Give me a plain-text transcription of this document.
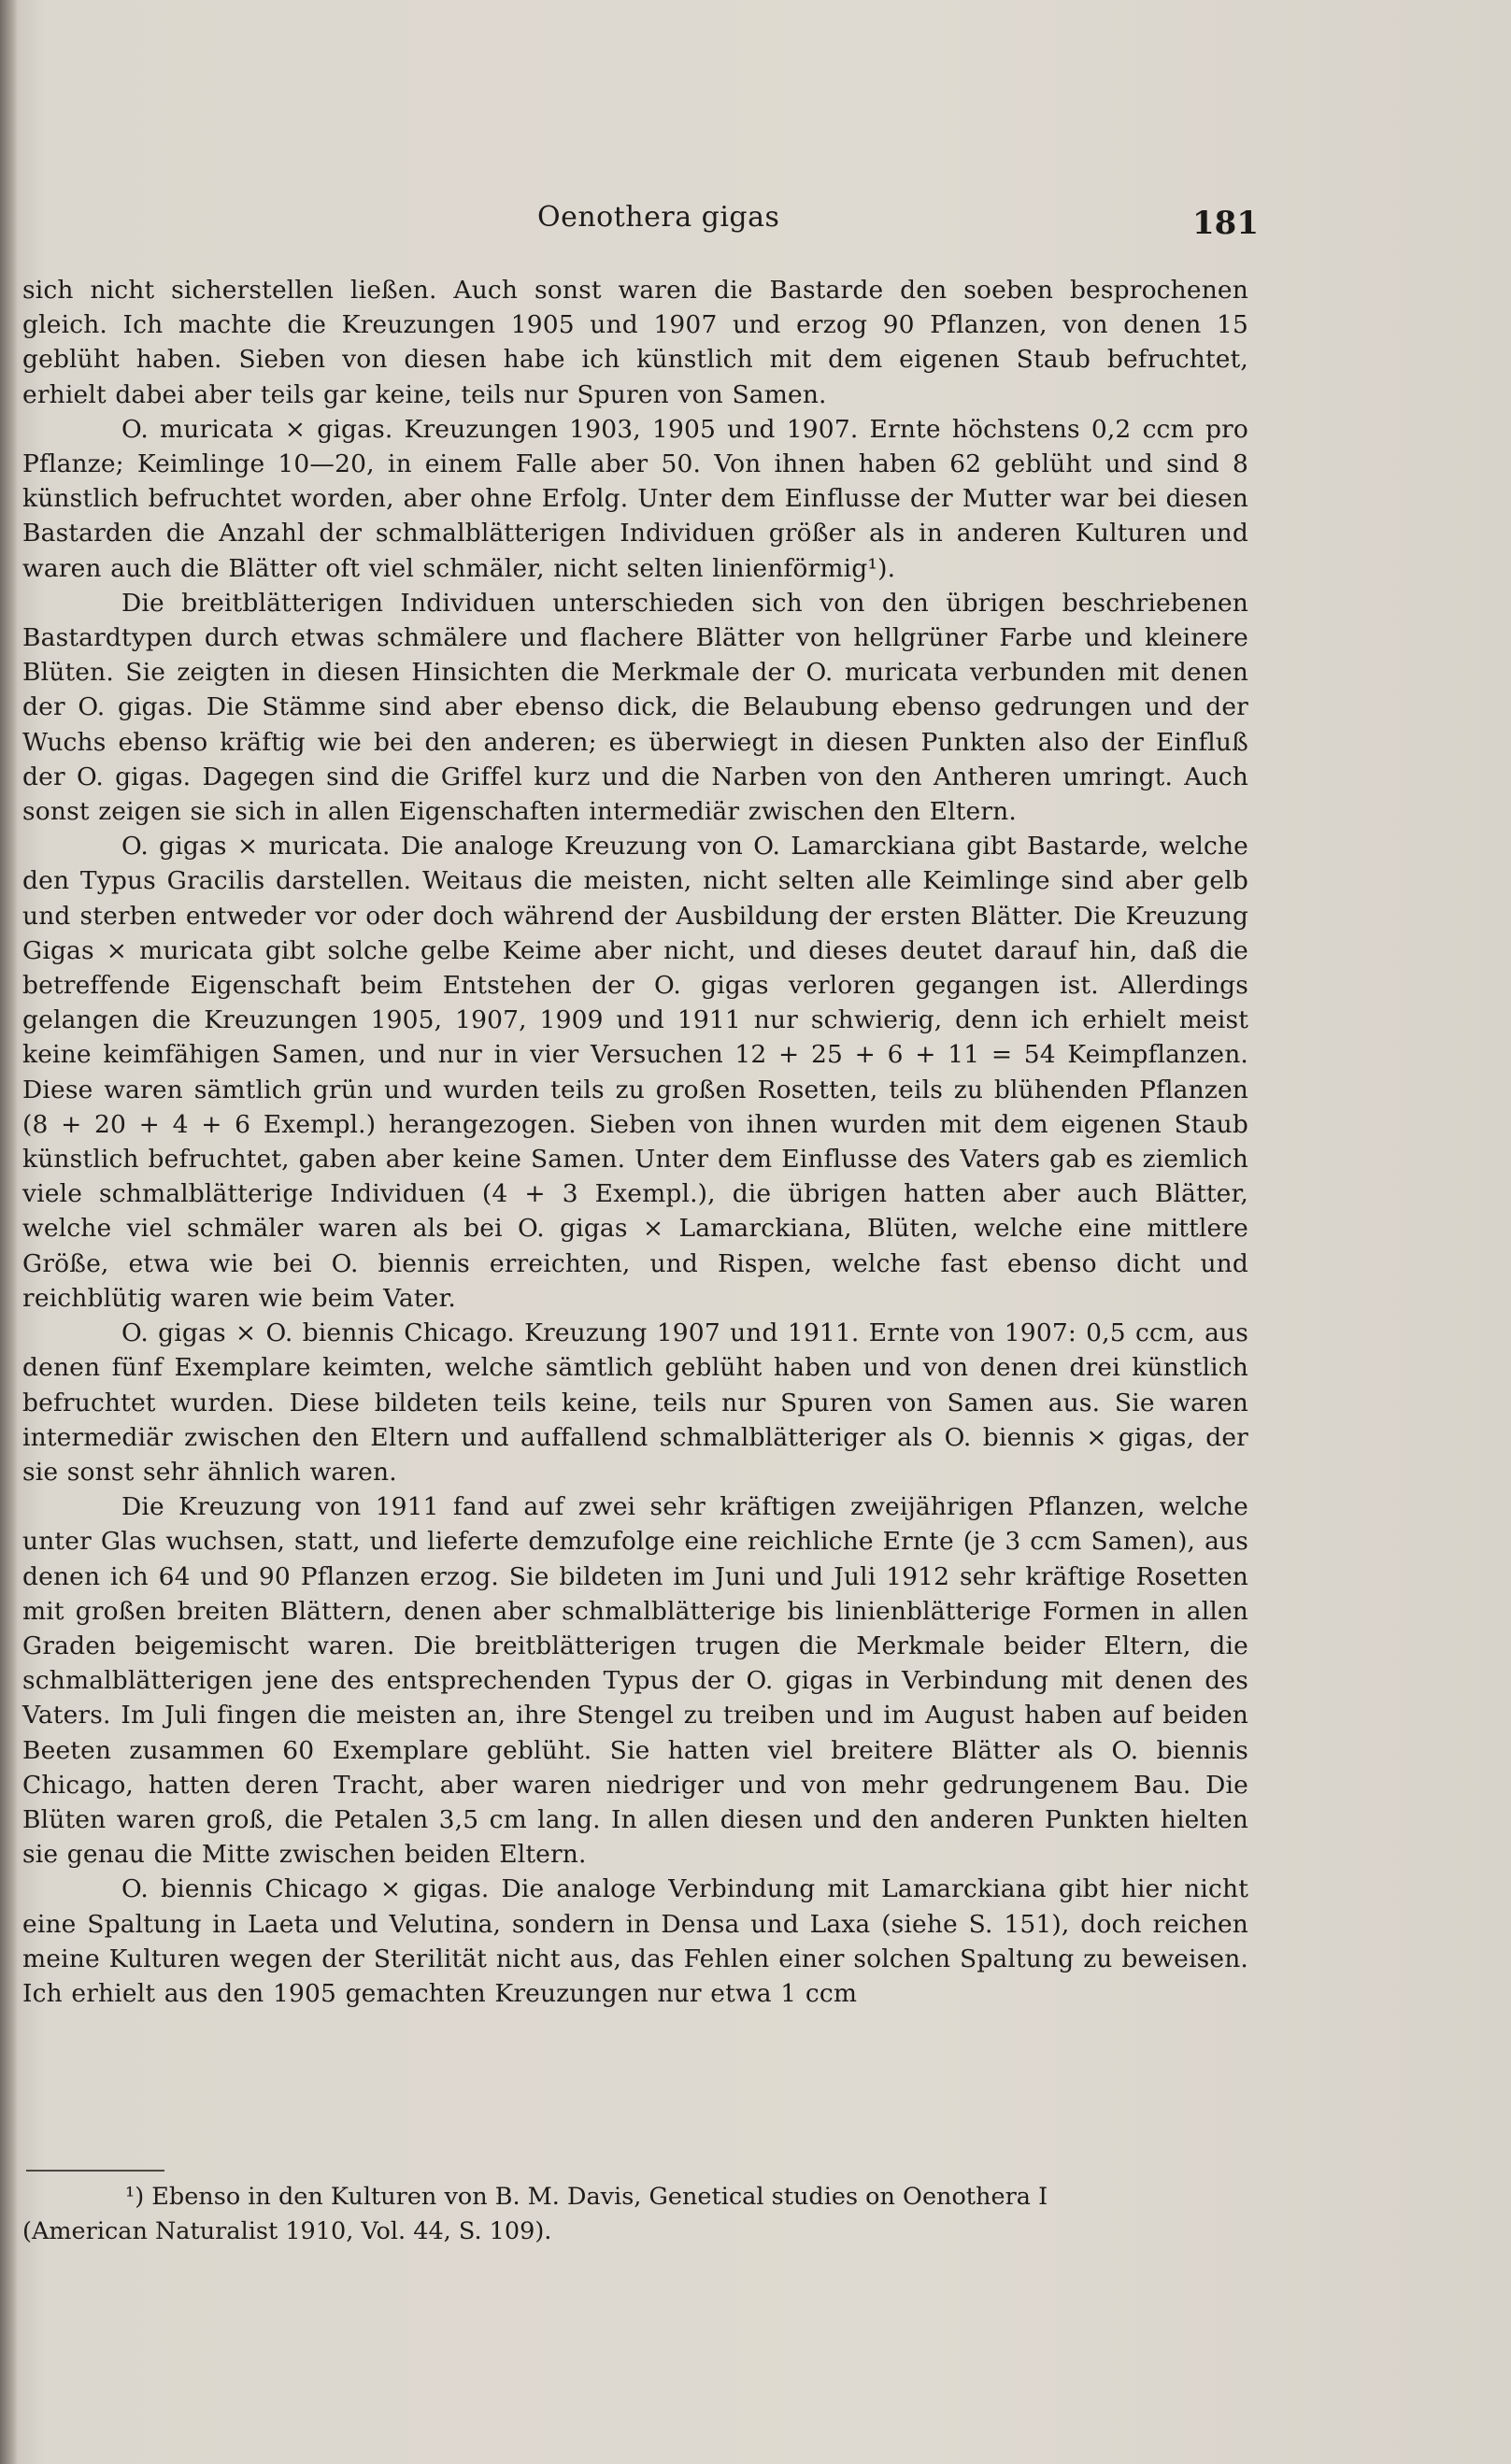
Oenothera gigas	181

sich nicht sicherstellen ließen. Auch sonst waren die Bastarde den soeben besprochenen gleich. Ich machte die Kreuzungen 1905 und 1907 und erzog 90 Pflanzen, von denen 15 geblüht haben. Sieben von diesen habe ich künstlich mit dem eigenen Staub befruchtet, erhielt dabei aber teils gar keine, teils nur Spuren von Samen.

O. muricata × gigas. Kreuzungen 1903, 1905 und 1907. Ernte höchstens 0,2 ccm pro Pflanze; Keimlinge 10—20, in einem Falle aber 50. Von ihnen haben 62 geblüht und sind 8 künstlich befruchtet worden, aber ohne Erfolg. Unter dem Einflusse der Mutter war bei diesen Bastarden die Anzahl der schmalblätterigen Individuen größer als in anderen Kulturen und waren auch die Blätter oft viel schmäler, nicht selten linienförmig¹).

Die breitblätterigen Individuen unterschieden sich von den übrigen beschriebenen Bastardtypen durch etwas schmälere und flachere Blätter von hellgrüner Farbe und kleinere Blüten. Sie zeigten in diesen Hinsichten die Merkmale der O. muricata verbunden mit denen der O. gigas. Die Stämme sind aber ebenso dick, die Belaubung ebenso gedrungen und der Wuchs ebenso kräftig wie bei den anderen; es überwiegt in diesen Punkten also der Einfluß der O. gigas. Dagegen sind die Griffel kurz und die Narben von den Antheren umringt. Auch sonst zeigen sie sich in allen Eigenschaften intermediär zwischen den Eltern.

O. gigas × muricata. Die analoge Kreuzung von O. Lamarckiana gibt Bastarde, welche den Typus Gracilis darstellen. Weitaus die meisten, nicht selten alle Keimlinge sind aber gelb und sterben entweder vor oder doch während der Ausbildung der ersten Blätter. Die Kreuzung Gigas × muricata gibt solche gelbe Keime aber nicht, und dieses deutet darauf hin, daß die betreffende Eigenschaft beim Entstehen der O. gigas verloren gegangen ist. Allerdings gelangen die Kreuzungen 1905, 1907, 1909 und 1911 nur schwierig, denn ich erhielt meist keine keimfähigen Samen, und nur in vier Versuchen 12 + 25 + 6 + 11 = 54 Keimpflanzen. Diese waren sämtlich grün und wurden teils zu großen Rosetten, teils zu blühenden Pflanzen (8 + 20 + 4 + 6 Exempl.) herangezogen. Sieben von ihnen wurden mit dem eigenen Staub künstlich befruchtet, gaben aber keine Samen. Unter dem Einflusse des Vaters gab es ziemlich viele schmalblätterige Individuen (4 + 3 Exempl.), die übrigen hatten aber auch Blätter, welche viel schmäler waren als bei O. gigas × Lamarckiana, Blüten, welche eine mittlere Größe, etwa wie bei O. biennis erreichten, und Rispen, welche fast ebenso dicht und reichblütig waren wie beim Vater.

O. gigas × O. biennis Chicago. Kreuzung 1907 und 1911. Ernte von 1907: 0,5 ccm, aus denen fünf Exemplare keimten, welche sämtlich geblüht haben und von denen drei künstlich befruchtet wurden. Diese bildeten teils keine, teils nur Spuren von Samen aus. Sie waren intermediär zwischen den Eltern und auffallend schmalblätteriger als O. biennis × gigas, der sie sonst sehr ähnlich waren.

Die Kreuzung von 1911 fand auf zwei sehr kräftigen zweijährigen Pflanzen, welche unter Glas wuchsen, statt, und lieferte demzufolge eine reichliche Ernte (je 3 ccm Samen), aus denen ich 64 und 90 Pflanzen erzog. Sie bildeten im Juni und Juli 1912 sehr kräftige Rosetten mit großen breiten Blättern, denen aber schmalblätterige bis linienblätterige Formen in allen Graden beigemischt waren. Die breitblätterigen trugen die Merkmale beider Eltern, die schmalblätterigen jene des entsprechenden Typus der O. gigas in Verbindung mit denen des Vaters. Im Juli fingen die meisten an, ihre Stengel zu treiben und im August haben auf beiden Beeten zusammen 60 Exemplare geblüht. Sie hatten viel breitere Blätter als O. biennis Chicago, hatten deren Tracht, aber waren niedriger und von mehr gedrungenem Bau. Die Blüten waren groß, die Petalen 3,5 cm lang. In allen diesen und den anderen Punkten hielten sie genau die Mitte zwischen beiden Eltern.

O. biennis Chicago × gigas. Die analoge Verbindung mit Lamarckiana gibt hier nicht eine Spaltung in Laeta und Velutina, sondern in Densa und Laxa (siehe S. 151), doch reichen meine Kulturen wegen der Sterilität nicht aus, das Fehlen einer solchen Spaltung zu beweisen. Ich erhielt aus den 1905 gemachten Kreuzungen nur etwa 1 ccm

¹) Ebenso in den Kulturen von B. M. Davis, Genetical studies on Oenothera I

(American Naturalist 1910, Vol. 44, S. 109).
